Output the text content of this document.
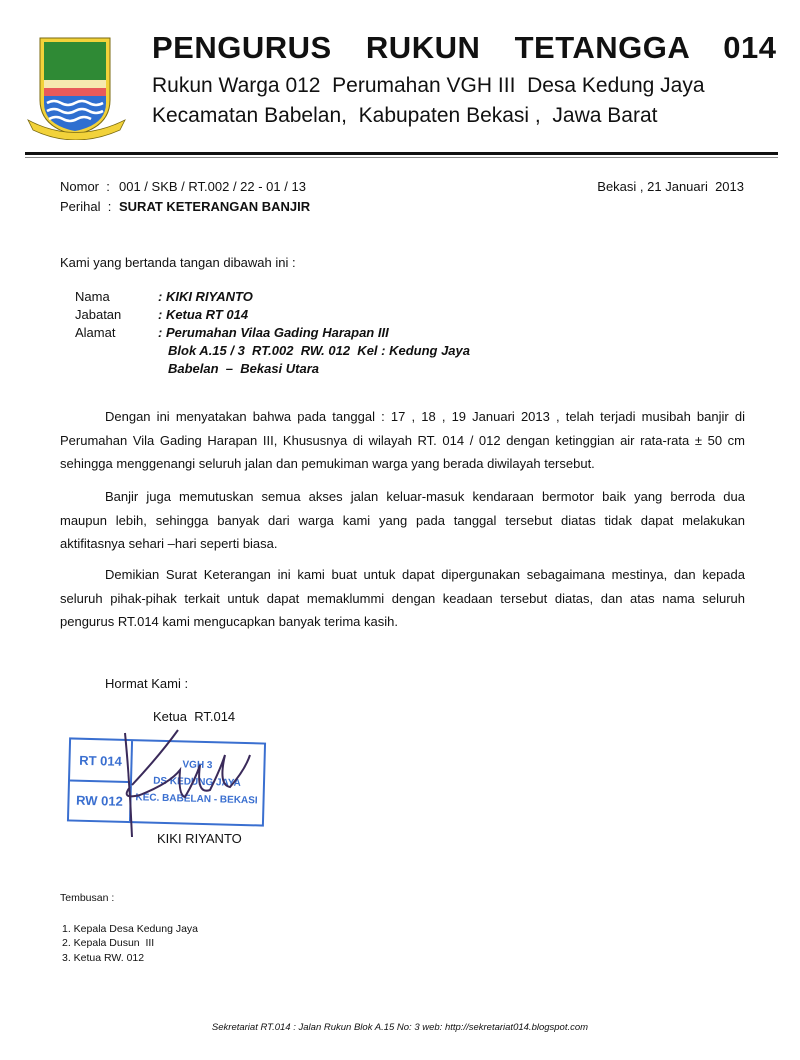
PENGURUS  RUKUN  TETANGGA  014
Rukun Warga 012  Perumahan VGH III  Desa Kedung Jaya
Kecamatan Babelan,  Kabupaten Bekasi ,  Jawa Barat
Nomor  : 001 / SKB / RT.002 / 22 - 01 / 13
Perihal  : SURAT KETERANGAN BANJIR
Bekasi , 21 Januari  2013
Kami yang bertanda tangan dibawah ini :
Nama	: KIKI RIYANTO
Jabatan	: Ketua RT 014
Alamat	: Perumahan Vilaa Gading Harapan III
Blok A.15 / 3  RT.002  RW. 012  Kel : Kedung Jaya
Babelan  –  Bekasi Utara
Dengan ini menyatakan bahwa pada tanggal : 17 , 18 , 19 Januari 2013 , telah terjadi musibah banjir di
Perumahan Vila Gading Harapan III, Khususnya di wilayah RT. 014 / 012 dengan ketinggian air rata-rata ± 50 cm
sehingga menggenangi seluruh jalan dan pemukiman warga yang berada diwilayah tersebut.
Banjir juga memutuskan semua akses jalan keluar-masuk kendaraan bermotor baik yang berroda dua
maupun lebih, sehingga banyak dari warga kami yang pada tanggal tersebut diatas tidak dapat melakukan
aktifitasnya sehari –hari seperti biasa.
Demikian Surat Keterangan ini kami buat untuk dapat dipergunakan sebagaimana mestinya, dan kepada
seluruh pihak-pihak terkait untuk dapat memaklummi dengan keadaan tersebut diatas, dan atas nama seluruh
pengurus RT.014 kami mengucapkan banyak terima kasih.
Hormat Kami :
Ketua  RT.014
RT 014
RW 012
VGH 3
DS KEDUNG JAYA
KEC. BABELAN - BEKASI
KIKI RIYANTO
Tembusan :
1. Kepala Desa Kedung Jaya
2. Kepala Dusun  III
3. Ketua RW. 012
Sekretariat RT.014 : Jalan Rukun Blok A.15 No: 3 web: http://sekretariat014.blogspot.com
